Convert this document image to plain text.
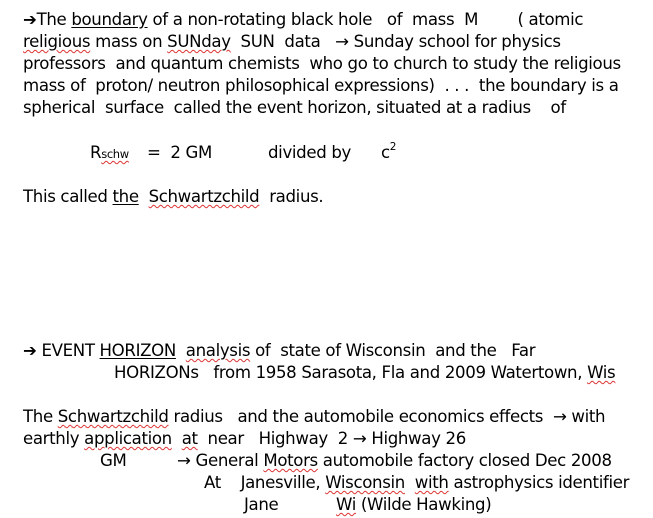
➔The boundary of a non-rotating black hole   of  mass  M        ( atomic
religious mass on SUNday  SUN  data   → Sunday school for physics
professors  and quantum chemists  who go to church to study the religious
mass of  proton/ neutron philosophical expressions)  . . .  the boundary is a
spherical  surface  called the event horizon, situated at a radius    of
Rschw =  2 GM	divided by $c^2$
This called the Schwartzchild  radius.
➔ EVENT HORIZON analysis of  state of Wisconsin  and the   Far
HORIZONs   from 1958 Sarasota, Fla and 2009 Watertown, Wis
The Schwartzchild radius   and the automobile economics effects  → with
earthly application at  near   Highway  2 → Highway 26
GM	→ General Motors automobile factory closed Dec 2008
At    Janesville, Wisconsin with astrophysics identifier
Jane	Wi (Wilde Hawking)
